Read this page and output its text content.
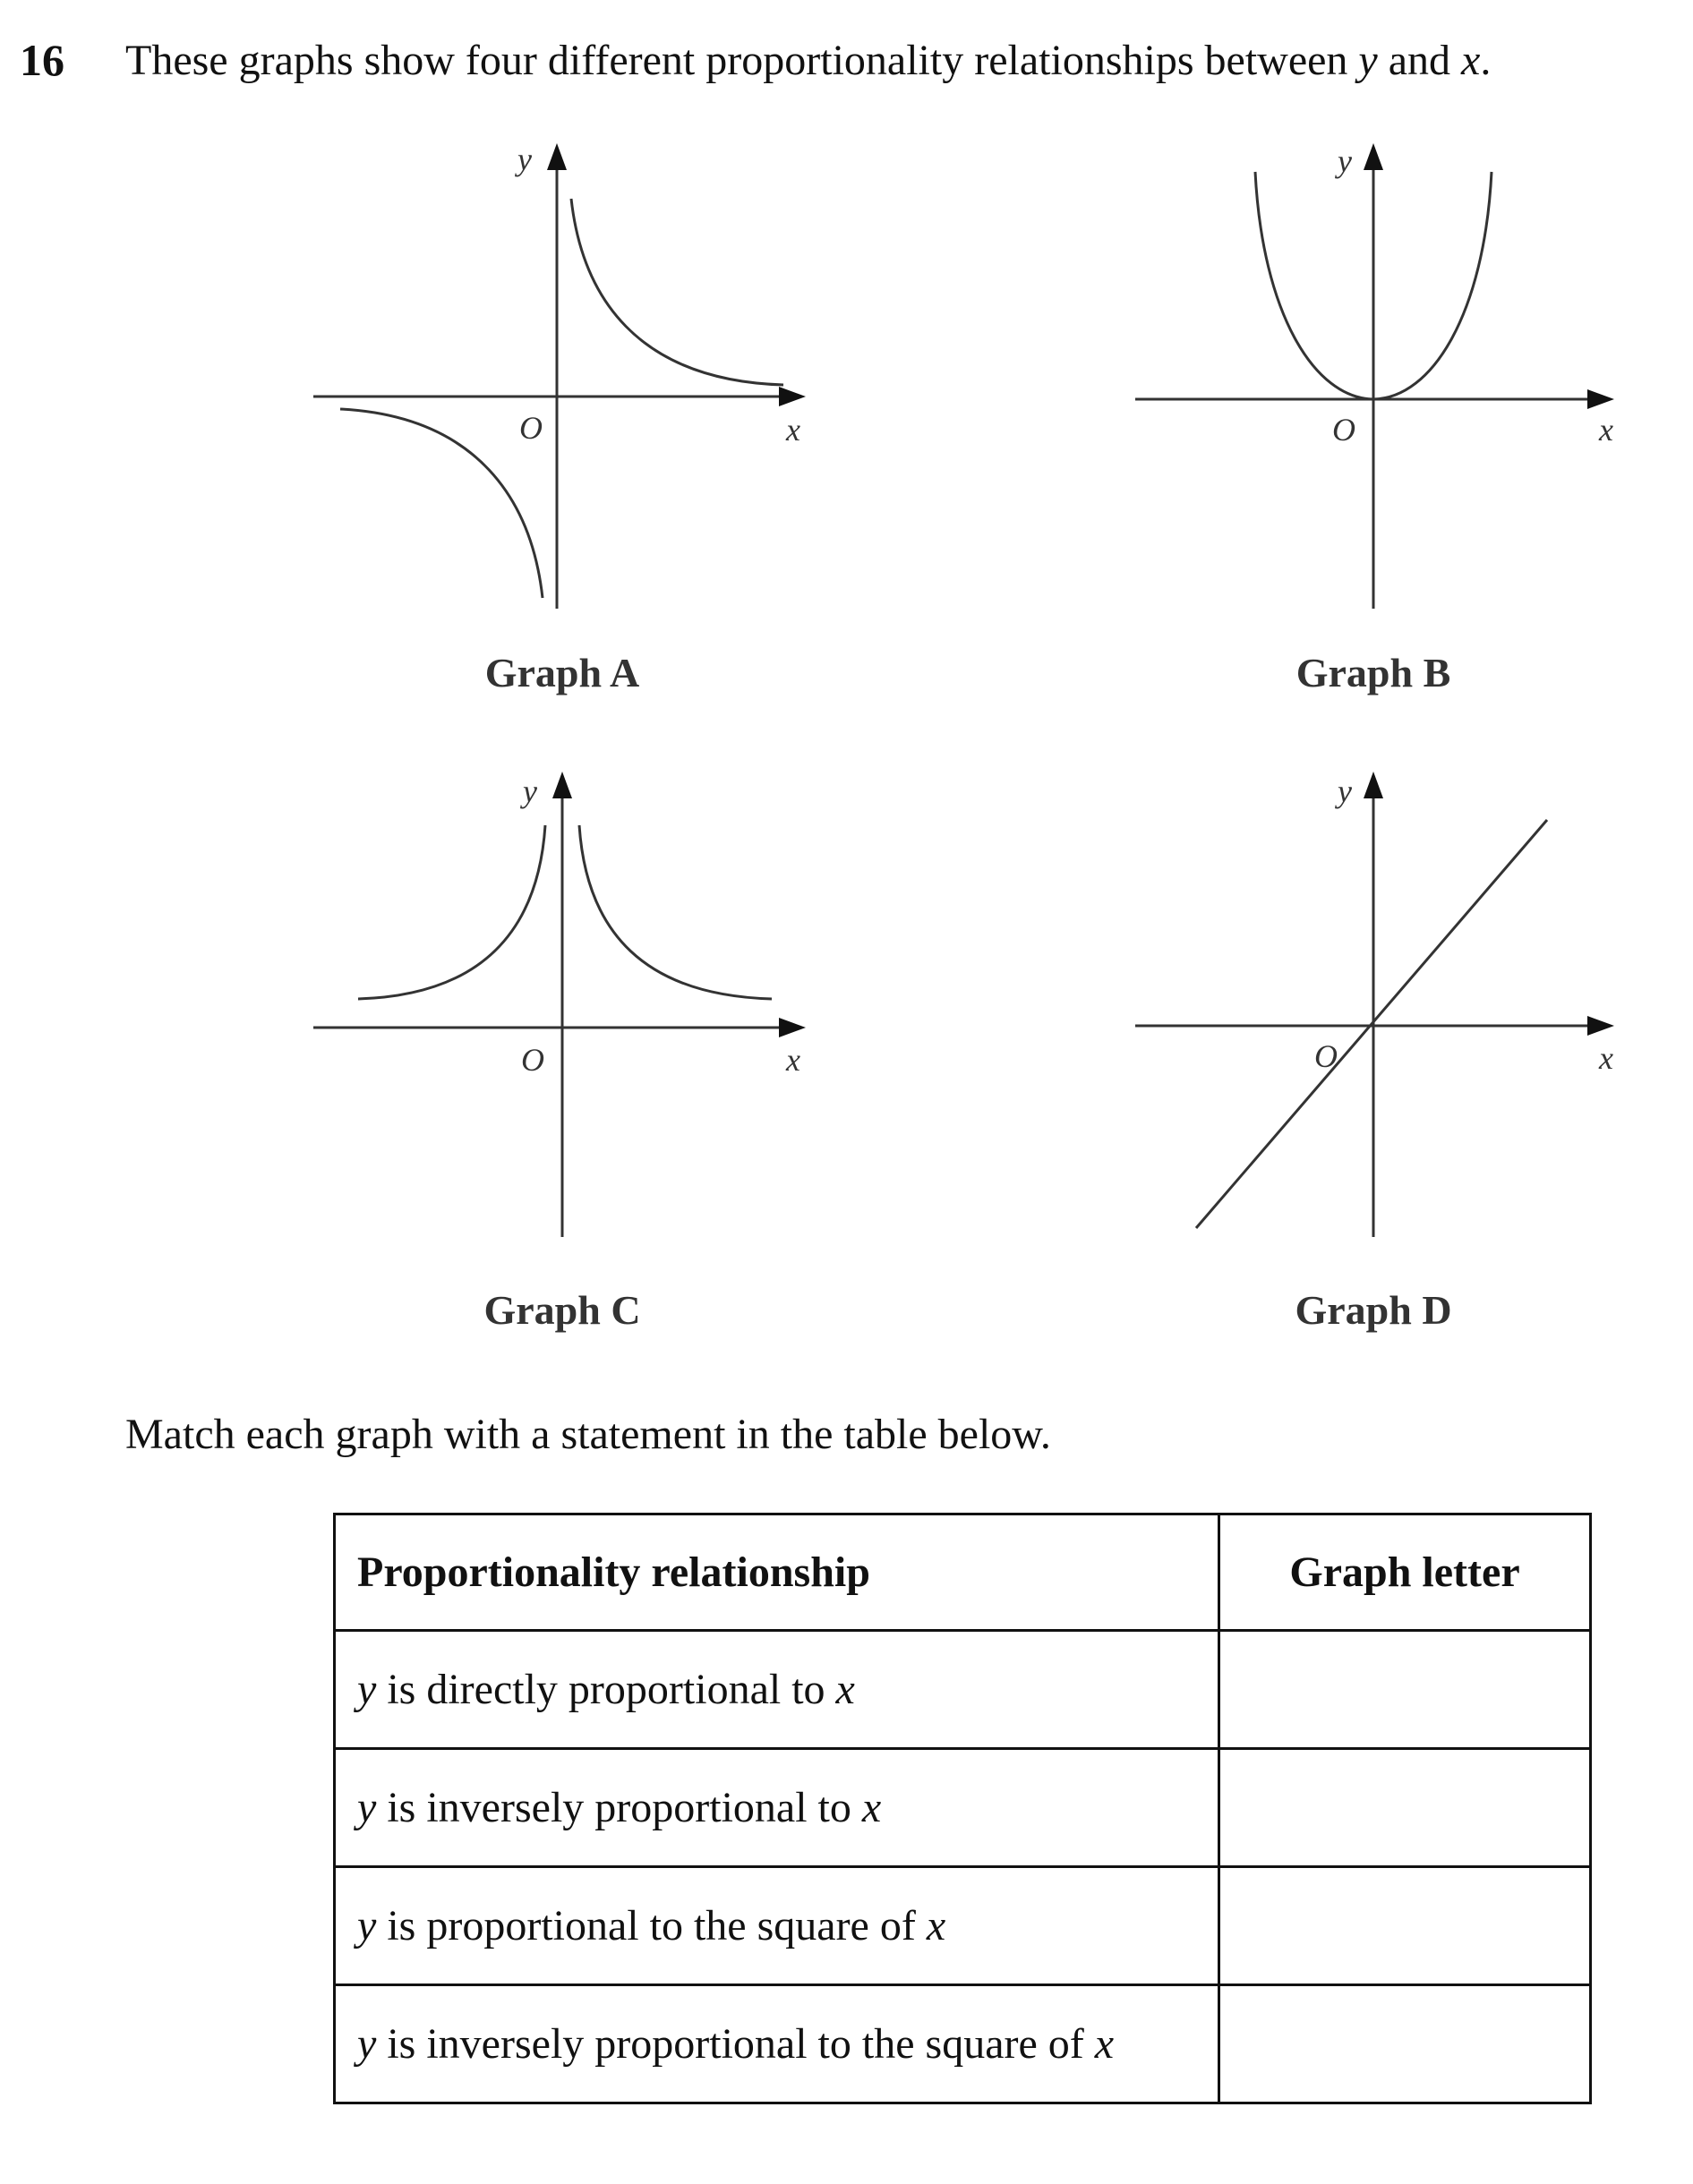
16 These graphs show four different proportionality relationships between y and x.
y
x
O
Graph A
y
x
O
Graph B
y
x
O
Graph C
y
x
O
Graph D
Match each graph with a statement in the table below.
Proportionality relationship	Graph letter
y is directly proportional to x	
y is inversely proportional to x	
y is proportional to the square of x	
y is inversely proportional to the square of x	
